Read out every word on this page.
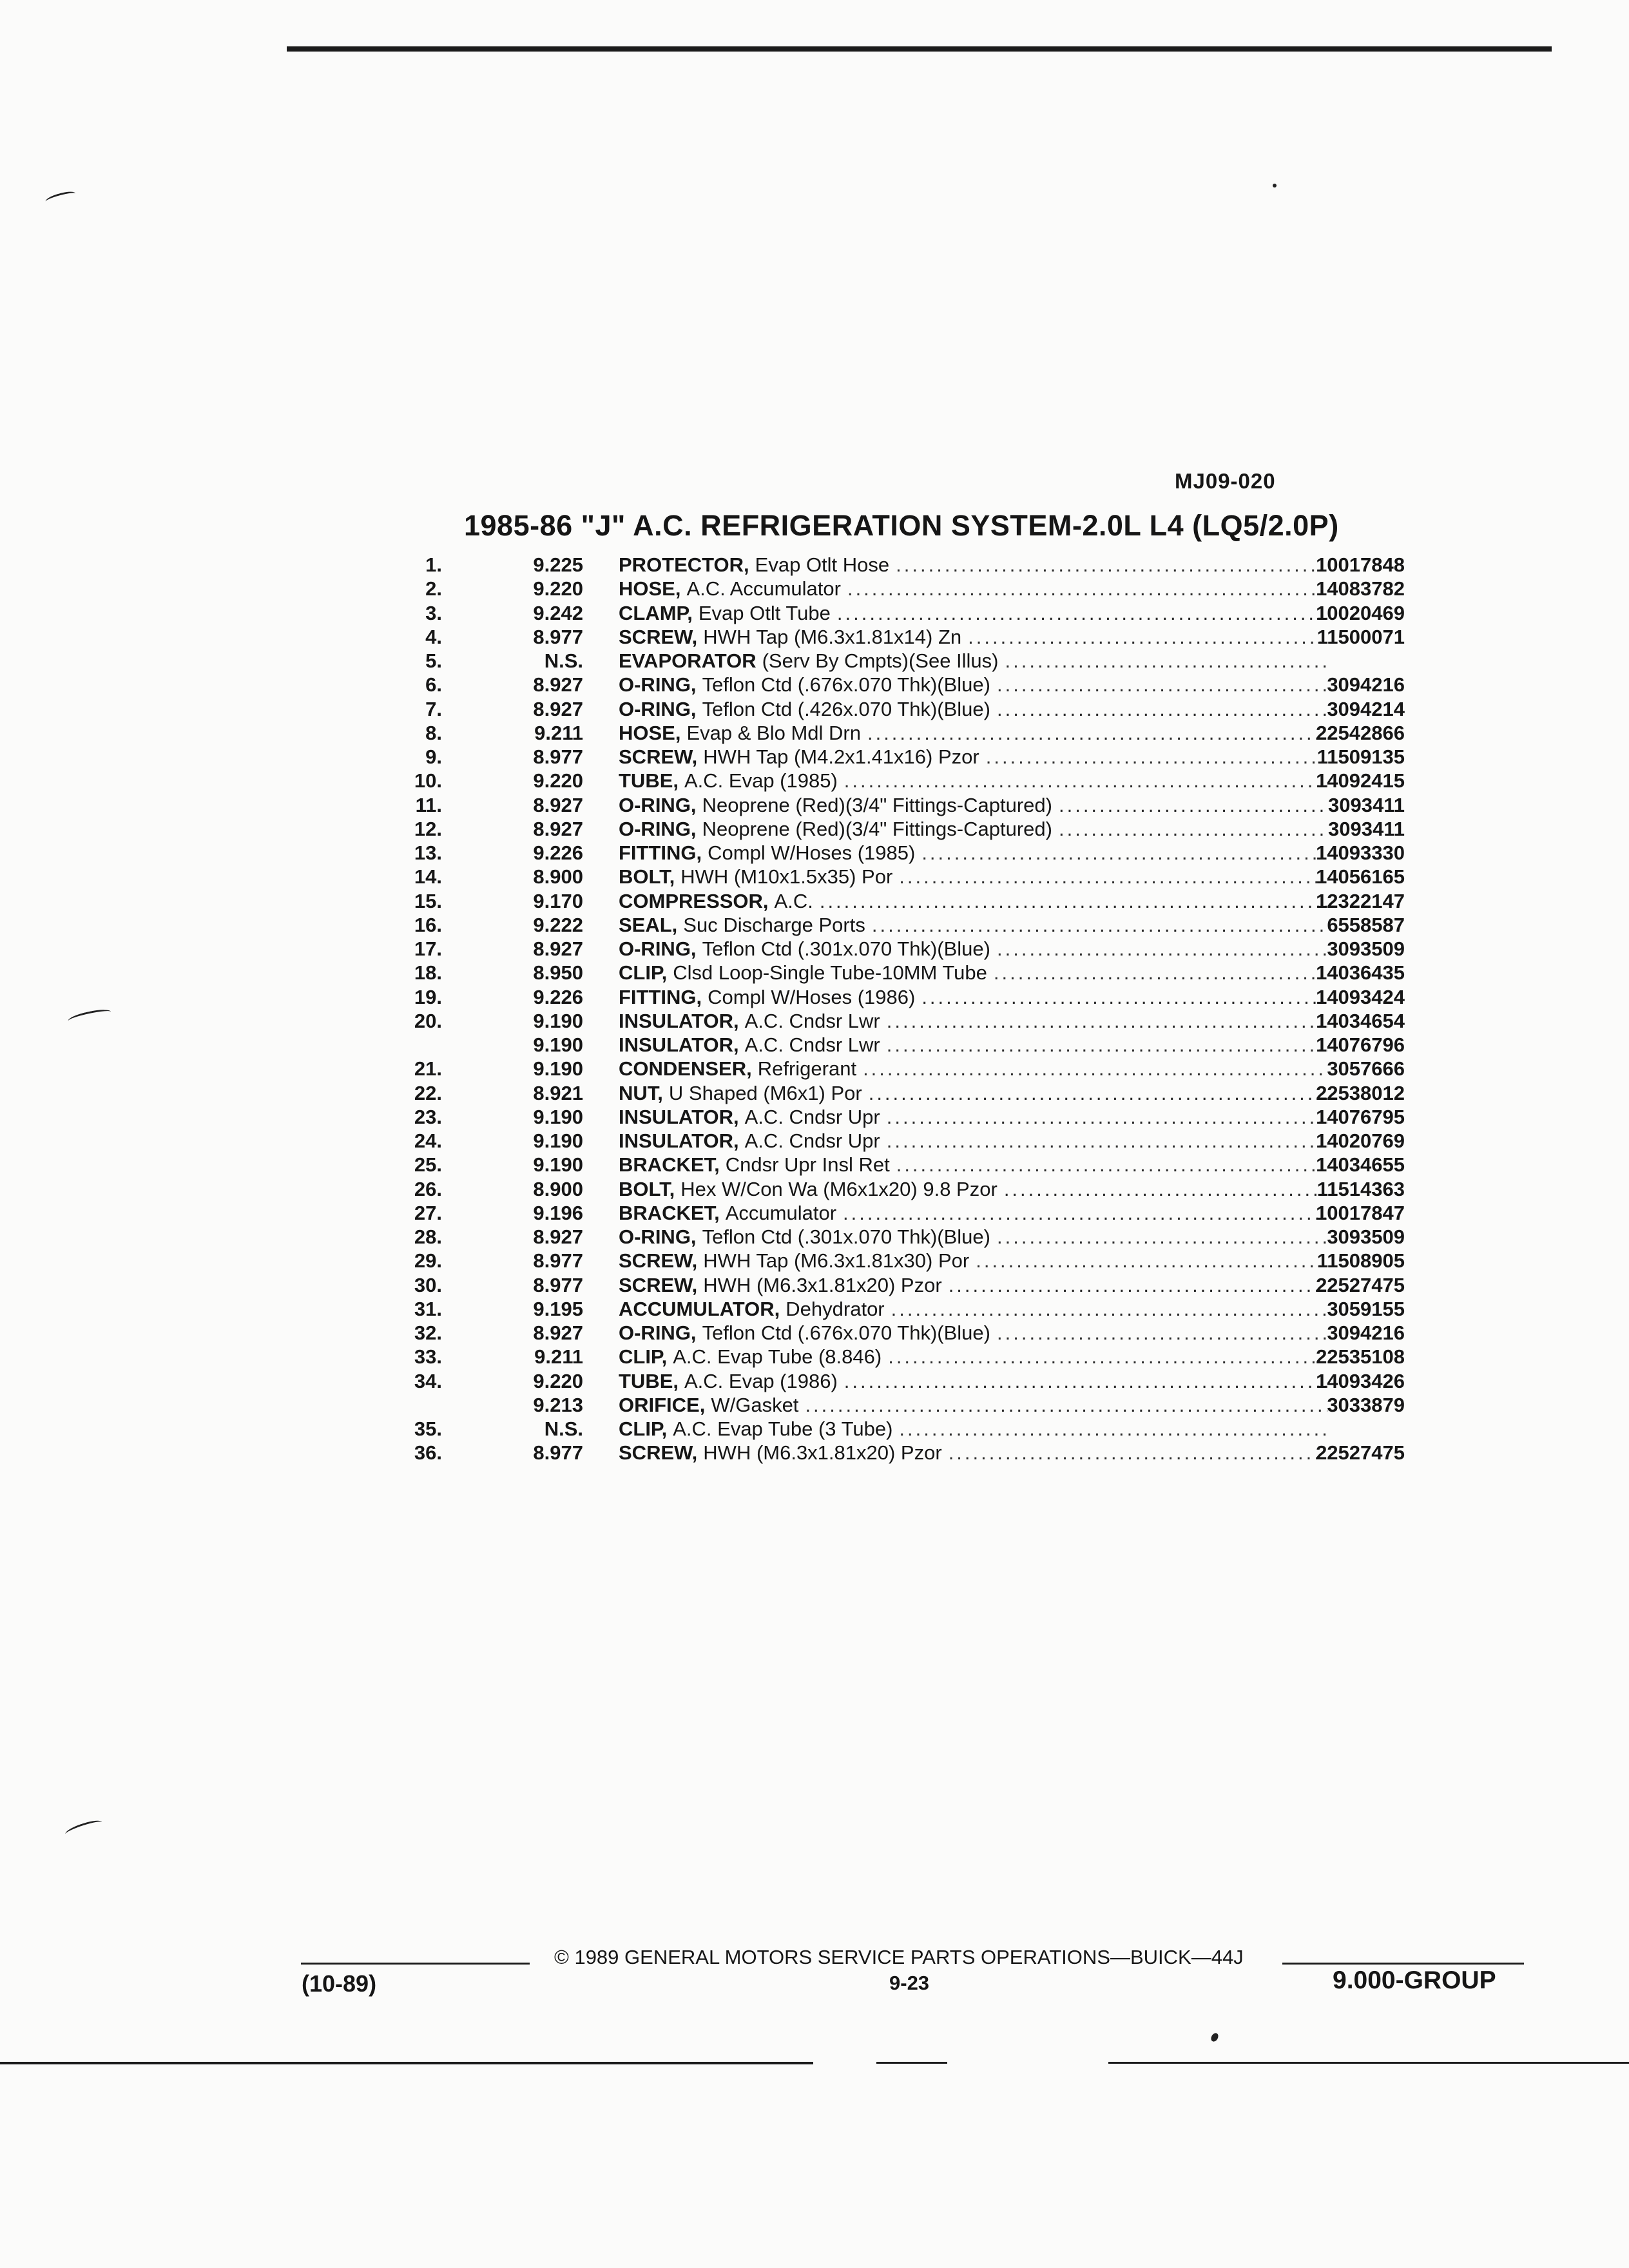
MJ09-020
1985-86 "J" A.C. REFRIGERATION SYSTEM-2.0L L4 (LQ5/2.0P)
1.	9.225 PROTECTOR, Evap Otlt Hose .....	10017848
2.	9.220 HOSE, A.C. Accumulator .....	14083782
3.	9.242 CLAMP, Evap Otlt Tube .....	10020469
4.	8.977 SCREW, HWH Tap (M6.3x1.81x14) Zn .....	11500071
5.	N.S. EVAPORATOR (Serv By Cmpts)(See Illus)
.....
6.	8.927 O-RING, Teflon Ctd (.676x.070 Thk)(Blue) .....	3094216
7.	8.927 O-RING, Teflon Ctd (.426x.070 Thk)(Blue) .....	3094214
8.	9.211 HOSE, Evap & Blo Mdl Drn .....	22542866
9.	8.977 SCREW, HWH Tap (M4.2x1.41x16) Pzor .....	11509135
10.	9.220 TUBE, A.C. Evap (1985) .....	14092415
11.	8.927 O-RING, Neoprene (Red)(3/4" Fittings-Captured) .....	3093411
12.	8.927 O-RING, Neoprene (Red)(3/4" Fittings-Captured) .....	3093411
13.	9.226 FITTING, Compl W/Hoses (1985) .....	14093330
14.	8.900 BOLT, HWH (M10x1.5x35) Por .....	14056165
15.	9.170 COMPRESSOR, A.C. .....	12322147
16.	9.222 SEAL, Suc Discharge Ports .....	6558587
17.	8.927 O-RING, Teflon Ctd (.301x.070 Thk)(Blue) .....	3093509
18.	8.950 CLIP, Clsd Loop-Single Tube-10MM Tube .....	14036435
19.	9.226 FITTING, Compl W/Hoses (1986) .....	14093424
20.	9.190 INSULATOR, A.C. Cndsr Lwr .....	14034654
9.190 INSULATOR, A.C. Cndsr Lwr .....	14076796
21.	9.190 CONDENSER, Refrigerant .....	3057666
22.	8.921 NUT, U Shaped (M6x1) Por .....	22538012
23.	9.190 INSULATOR, A.C. Cndsr Upr .....	14076795
24.	9.190 INSULATOR, A.C. Cndsr Upr .....	14020769
25.	9.190 BRACKET, Cndsr Upr Insl Ret .....	14034655
26.	8.900 BOLT, Hex W/Con Wa (M6x1x20) 9.8 Pzor .....	11514363
27.	9.196 BRACKET, Accumulator .....	10017847
28.	8.927 O-RING, Teflon Ctd (.301x.070 Thk)(Blue) .....	3093509
29.	8.977 SCREW, HWH Tap (M6.3x1.81x30) Por .....	11508905
30.	8.977 SCREW, HWH (M6.3x1.81x20) Pzor .....	22527475
31.	9.195 ACCUMULATOR, Dehydrator .....	3059155
32.	8.927 O-RING, Teflon Ctd (.676x.070 Thk)(Blue) .....	3094216
33.	9.211 CLIP, A.C. Evap Tube (8.846) .....	22535108
34.	9.220 TUBE, A.C. Evap (1986) .....	14093426
9.213 ORIFICE, W/Gasket .....	3033879
35.	N.S. CLIP, A.C. Evap Tube (3 Tube)
.....
36.	8.977 SCREW, HWH (M6.3x1.81x20) Pzor .....	22527475
© 1989 GENERAL MOTORS SERVICE PARTS OPERATIONS—BUICK—44J
(10-89)	9-23	9.000-GROUP
